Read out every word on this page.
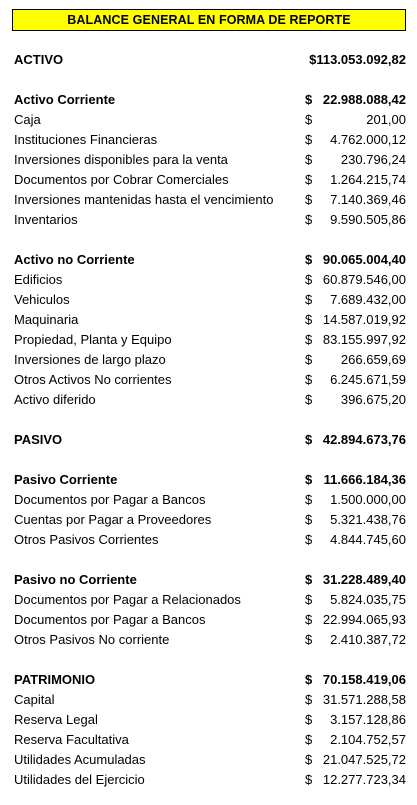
BALANCE GENERAL EN FORMA DE REPORTE
ACTIVO	$113.053.092,82
Activo Corriente	$ 22.988.088,42
Caja	$	201,00
Instituciones Financieras	$ 4.762.000,12
Inversiones disponibles para la venta	$ 230.796,24
Documentos por Cobrar Comerciales	$ 1.264.215,74
Inversiones mantenidas hasta el vencimiento $ 7.140.369,46
Inventarios	$ 9.590.505,86
Activo no Corriente	$ 90.065.004,40
Edificios	$ 60.879.546,00
Vehiculos	$ 7.689.432,00
Maquinaria	$ 14.587.019,92
Propiedad, Planta y Equipo	$ 83.155.997,92
Inversiones de largo plazo	$ 266.659,69
Otros Activos No corrientes	$ 6.245.671,59
Activo diferido	$ 396.675,20
PASIVO	$ 42.894.673,76
Pasivo Corriente	$ 11.666.184,36
Documentos por Pagar a Bancos	$ 1.500.000,00
Cuentas por Pagar a Proveedores	$ 5.321.438,76
Otros Pasivos Corrientes	$ 4.844.745,60
Pasivo no Corriente	$ 31.228.489,40
Documentos por Pagar a Relacionados	$ 5.824.035,75
Documentos por Pagar a Bancos	$ 22.994.065,93
Otros Pasivos No corriente	$ 2.410.387,72
PATRIMONIO	$ 70.158.419,06
Capital	$ 31.571.288,58
Reserva Legal	$ 3.157.128,86
Reserva Facultativa	$ 2.104.752,57
Utilidades Acumuladas	$ 21.047.525,72
Utilidades del Ejercicio	$ 12.277.723,34
